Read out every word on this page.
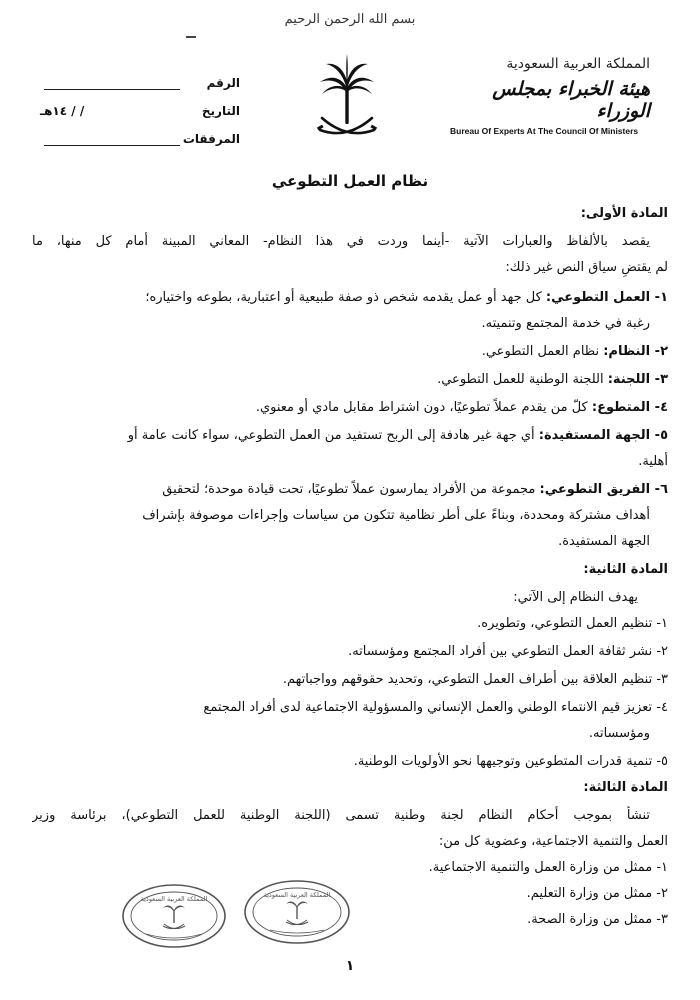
بسم الله الرحمن الرحيم
الرقم
التاريخ
/ / ١٤هـ
المرفقات
المملكة العربية السعودية
هيئة الخبراء بمجلس الوزراء
Bureau Of Experts At The Council Of Ministers
نظام العمل التطوعي
المادة الأولى:
يقصد بالألفاظ والعبارات الآتية -أينما وردت في هذا النظام- المعاني المبينة أمام كل منها، ما
لم يقتضِ سياق النص غير ذلك:
١- العمل التطوعي: كل جهد أو عمل يقدمه شخص ذو صفة طبيعية أو اعتبارية، بطوعه واختياره؛
رغبة في خدمة المجتمع وتنميته.
٢- النظام: نظام العمل التطوعي.
٣- اللجنة: اللجنة الوطنية للعمل التطوعي.
٤- المتطوع: كلّ من يقدم عملاً تطوعيًا، دون اشتراط مقابل مادي أو معنوي.
٥- الجهة المستفيدة: أي جهة غير هادفة إلى الربح تستفيد من العمل التطوعي، سواء كانت عامة أو
أهلية.
٦- الفريق التطوعي: مجموعة من الأفراد يمارسون عملاً تطوعيًا، تحت قيادة موحدة؛ لتحقيق
أهداف مشتركة ومحددة، وبناءً على أطر نظامية تتكون من سياسات وإجراءات موصوفة بإشراف
الجهة المستفيدة.
المادة الثانية:
يهدف النظام إلى الآتي:
١- تنظيم العمل التطوعي، وتطويره.
٢- نشر ثقافة العمل التطوعي بين أفراد المجتمع ومؤسساته.
٣- تنظيم العلاقة بين أطراف العمل التطوعي، وتحديد حقوقهم وواجباتهم.
٤- تعزيز قيم الانتماء الوطني والعمل الإنساني والمسؤولية الاجتماعية لدى أفراد المجتمع
ومؤسساته.
٥- تنمية قدرات المتطوعين وتوجيهها نحو الأولويات الوطنية.
المادة الثالثة:
تنشأ بموجب أحكام النظام لجنة وطنية تسمى (اللجنة الوطنية للعمل التطوعي)، برئاسة وزير
العمل والتنمية الاجتماعية، وعضوية كل من:
١- ممثل من وزارة العمل والتنمية الاجتماعية.
٢- ممثل من وزارة التعليم.
٣- ممثل من وزارة الصحة.
المملكة العربية السعودية
المملكة العربية السعودية
١
